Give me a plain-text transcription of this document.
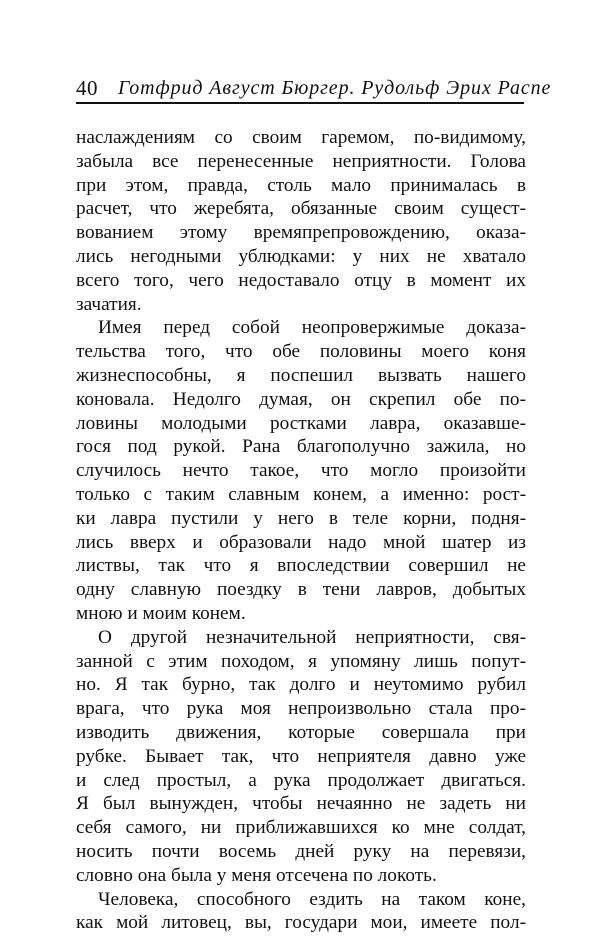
40 Готфрид Август Бюргер. Рудольф Эрих Распе
наслаждениям со своим гаремом, по-видимому,
забыла все перенесенные неприятности. Голова
при этом, правда, столь мало принималась в
расчет, что жеребята, обязанные своим сущест-
вованием этому времяпрепровождению, оказа-
лись негодными ублюдками: у них не хватало
всего того, чего недоставало отцу в момент их
зачатия.
Имея перед собой неопровержимые доказа-
тельства того, что обе половины моего коня
жизнеспособны, я поспешил вызвать нашего
коновала. Недолго думая, он скрепил обе по-
ловины молодыми ростками лавра, оказавше-
гося под рукой. Рана благополучно зажила, но
случилось нечто такое, что могло произойти
только с таким славным конем, а именно: рост-
ки лавра пустили у него в теле корни, подня-
лись вверх и образовали надо мной шатер из
листвы, так что я впоследствии совершил не
одну славную поездку в тени лавров, добытых
мною и моим конем.
О другой незначительной неприятности, свя-
занной с этим походом, я упомяну лишь попут-
но. Я так бурно, так долго и неутомимо рубил
врага, что рука моя непроизвольно стала про-
изводить движения, которые совершала при
рубке. Бывает так, что неприятеля давно уже
и след простыл, а рука продолжает двигаться.
Я был вынужден, чтобы нечаянно не задеть ни
себя самого, ни приближавшихся ко мне солдат,
носить почти восемь дней руку на перевязи,
словно она была у меня отсечена по локоть.
Человека, способного ездить на таком коне,
как мой литовец, вы, государи мои, имеете пол-
